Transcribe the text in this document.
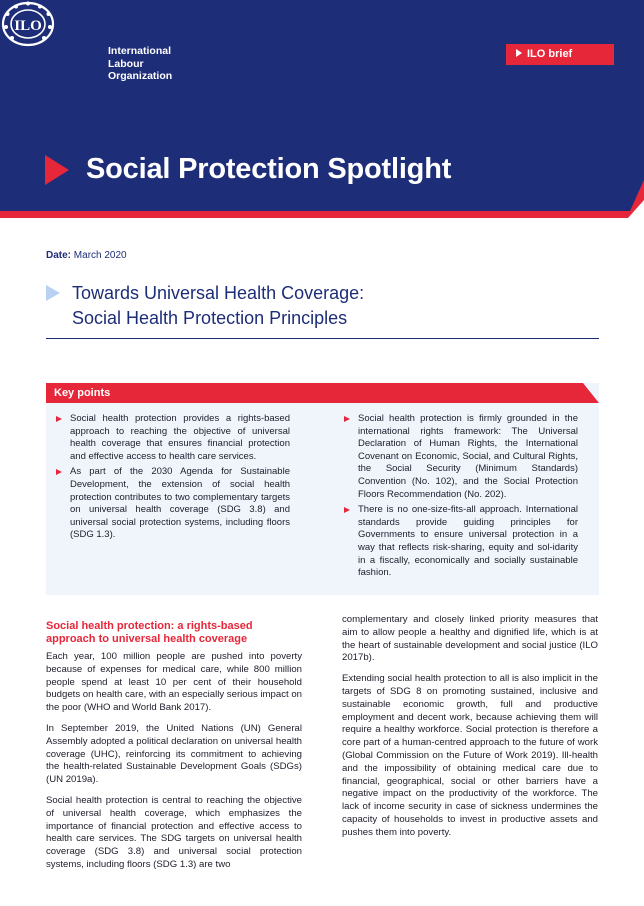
ILO
International
Labour
Organization
ILO brief
Social Protection Spotlight
Date: March 2020
Towards Universal Health Coverage:
Social Health Protection Principles
Key points
Social health protection provides a rights-based approach to reaching the objective of universal health coverage that ensures financial protection and effective access to health care services.
As part of the 2030 Agenda for Sustainable Development, the extension of social health protection contributes to two complementary targets on universal health coverage (SDG 3.8) and universal social protection systems, including floors (SDG 1.3).
Social health protection is firmly grounded in the international rights framework: The Universal Declaration of Human Rights, the International Covenant on Economic, Social, and Cultural Rights, the Social Security (Minimum Standards) Convention (No. 102), and the Social Protection Floors Recommendation (No. 202).
There is no one-size-fits-all approach. International standards provide guiding principles for Governments to ensure universal protection in a way that reflects risk-sharing, equity and sol-idarity in a fiscally, economically and socially sustainable fashion.
Social health protection: a rights-based approach to universal health coverage

Each year, 100 million people are pushed into poverty because of expenses for medical care, while 800 million people spend at least 10 per cent of their household budgets on health care, with an especially serious impact on the poor (WHO and World Bank 2017).

In September 2019, the United Nations (UN) General Assembly adopted a political declaration on universal health coverage (UHC), reinforcing its commitment to achieving the health-related Sustainable Development Goals (SDGs) (UN 2019a).

Social health protection is central to reaching the objective of universal health coverage, which emphasizes the importance of financial protection and effective access to health care services. The SDG targets on universal health coverage (SDG 3.8) and universal social protection systems, including floors (SDG 1.3) are two

complementary and closely linked priority measures that aim to allow people a healthy and dignified life, which is at the heart of sustainable development and social justice (ILO 2017b).

Extending social health protection to all is also implicit in the targets of SDG 8 on promoting sustained, inclusive and sustainable economic growth, full and productive employment and decent work, because achieving them will require a healthy workforce. Social protection is therefore a core part of a human-centred approach to the future of work (Global Commission on the Future of Work 2019). Ill-health and the impossibility of obtaining medical care due to financial, geographical, social or other barriers have a negative impact on the productivity of the workforce. The lack of income security in case of sickness undermines the capacity of households to invest in productive assets and pushes them into poverty.
